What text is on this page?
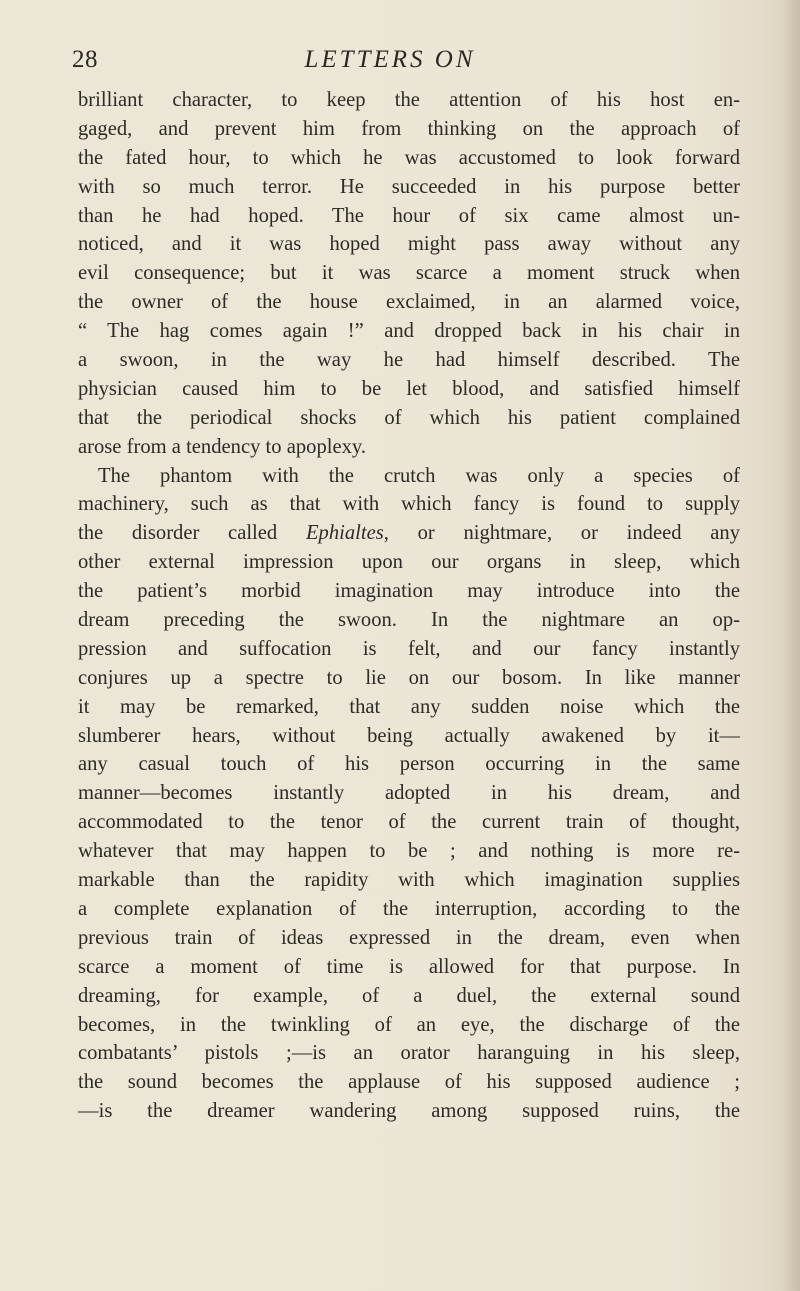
28	LETTERS ON
brilliant character, to keep the attention of his host en-
gaged, and prevent him from thinking on the approach of
the fated hour, to which he was accustomed to look forward
with so much terror. He succeeded in his purpose better
than he had hoped. The hour of six came almost un-
noticed, and it was hoped might pass away without any
evil consequence; but it was scarce a moment struck when
the owner of the house exclaimed, in an alarmed voice,
“ The hag comes again !” and dropped back in his chair in
a swoon, in the way he had himself described. The
physician caused him to be let blood, and satisfied himself
that the periodical shocks of which his patient complained
arose from a tendency to apoplexy.
The phantom with the crutch was only a species of
machinery, such as that with which fancy is found to supply
the disorder called Ephialtes, or nightmare, or indeed any
other external impression upon our organs in sleep, which
the patient’s morbid imagination may introduce into the
dream preceding the swoon. In the nightmare an op-
pression and suffocation is felt, and our fancy instantly
conjures up a spectre to lie on our bosom. In like manner
it may be remarked, that any sudden noise which the
slumberer hears, without being actually awakened by it—
any casual touch of his person occurring in the same
manner—becomes instantly adopted in his dream, and
accommodated to the tenor of the current train of thought,
whatever that may happen to be ; and nothing is more re-
markable than the rapidity with which imagination supplies
a complete explanation of the interruption, according to the
previous train of ideas expressed in the dream, even when
scarce a moment of time is allowed for that purpose. In
dreaming, for example, of a duel, the external sound
becomes, in the twinkling of an eye, the discharge of the
combatants’ pistols ;—is an orator haranguing in his sleep,
the sound becomes the applause of his supposed audience ;
—is the dreamer wandering among supposed ruins, the
